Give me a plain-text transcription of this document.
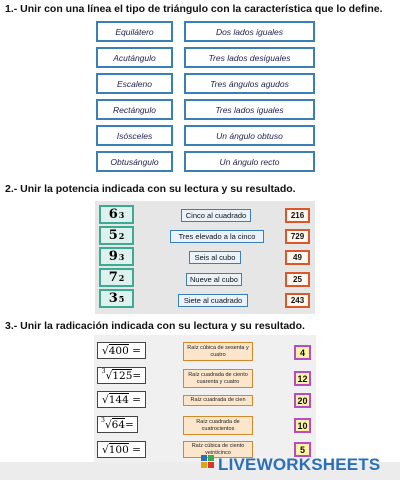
1.- Unir con una línea el tipo de triángulo con la característica que lo define.
Equilátero
Acutángulo
Escaleno
Rectángulo
Isósceles
Obtusángulo
Dos lados iguales
Tres lados desiguales
Tres ángulos agudos
Tres lados iguales
Un ángulo obtuso
Un ángulo recto
2.- Unir la potencia indicada con su lectura y su resultado.
6 3
5 2
9 3
7 2
3 5
Cinco al cuadrado
Tres elevado a la cinco
Seis al cubo
Nueve al cubo
Siete al cuadrado
216
729
49
25
243
3.- Unir la radicación indicada con su lectura y su resultado.
√ 400 =
3 √ 125 =
√ 144 =
3 √ 64 =
√ 100 =
Raíz cúbica de sesenta y cuatro
Raíz cuadrada de ciento cuarenta y cuatro
Raíz cuadrada de cien
Raíz cuadrada de cuatrocientos
Raíz cúbica de ciento veinticinco
4
12
20
10
5
LIVEWORKSHEETS
